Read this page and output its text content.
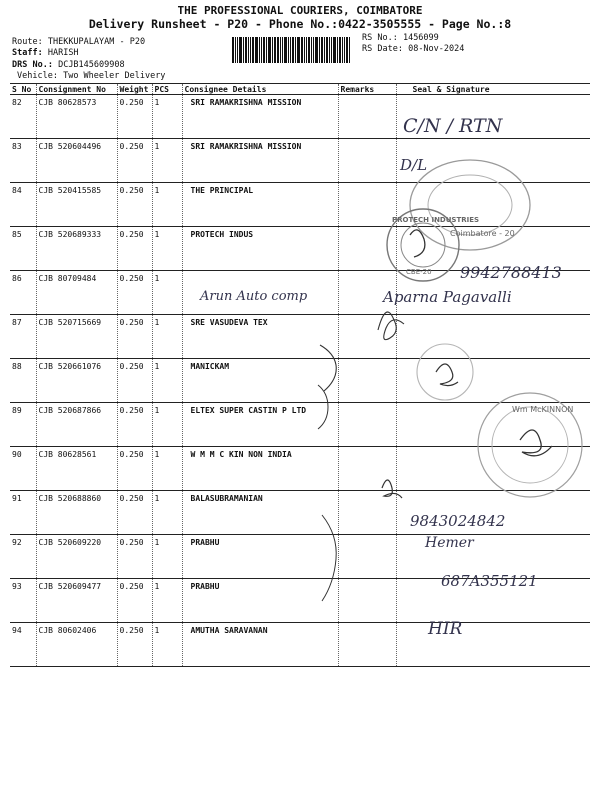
THE PROFESSIONAL COURIERS, COIMBATORE
Delivery Runsheet - P20 - Phone No.:0422-3505555 - Page No.:8
Route: THEKKUPALAYAM - P20
Staff: HARISH
DRS No.: DCJB145609908
Vehicle: Two Wheeler Delivery
RS No.: 1456099
RS Date: 08-Nov-2024
S No	Consignment No	Weight	PCS	Consignee Details	Remarks	Seal & Signature
82	CJB 80628573	0.250	1	SRI RAMAKRISHNA MISSION		
83	CJB 520604496	0.250	1	SRI RAMAKRISHNA MISSION		
84	CJB 520415585	0.250	1	THE PRINCIPAL		
85	CJB 520689333	0.250	1	PROTECH INDUS		
86	CJB 80709484	0.250	1			
87	CJB 520715669	0.250	1	SRE VASUDEVA TEX		
88	CJB 520661076	0.250	1	MANICKAM		
89	CJB 520687866	0.250	1	ELTEX SUPER CASTIN P LTD		
90	CJB 80628561	0.250	1	W M M C KIN NON INDIA		
91	CJB 520688860	0.250	1	BALASUBRAMANIAN		
92	CJB 520609220	0.250	1	PRABHU		
93	CJB 520609477	0.250	1	PRABHU		
94	CJB 80602406	0.250	1	AMUTHA SARAVANAN		
C/N / RTN
D/L
Coimbatore - 20
PROTECH INDUSTRIES
CBE-20
Arun Auto comp
9942788413
Aparna Pagavalli
Wm McKINNON
9843024842
Hemer
687A355121
HIR
